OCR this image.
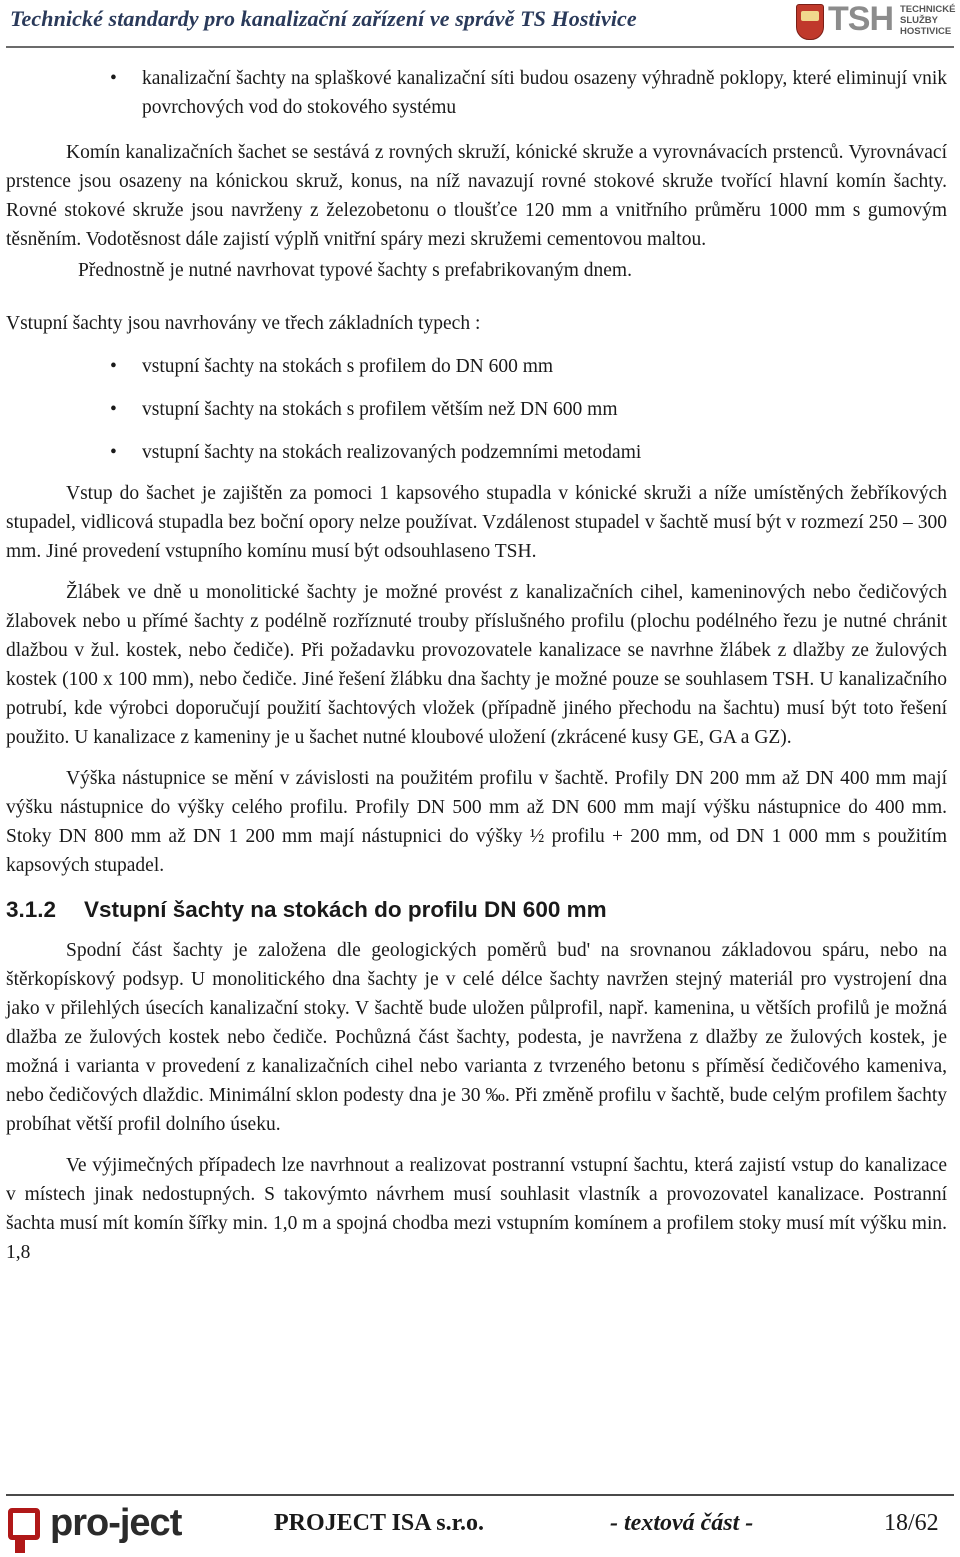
Technické standardy pro kanalizační zařízení ve správě TS Hostivice	TSH TECHNICKÉ
SLUŽBY
HOSTIVICE
• kanalizační šachty na splaškové kanalizační síti budou osazeny výhradně poklopy, které eliminují vnik povrchových vod do stokového systému

Komín kanalizačních šachet se sestává z rovných skruží, kónické skruže a vyrovnávacích prstenců. Vyrovnávací prstence jsou osazeny na kónickou skruž, konus, na níž navazují rovné stokové skruže tvořící hlavní komín šachty. Rovné stokové skruže jsou navrženy z železobetonu o tloušťce 120 mm a vnitřního průměru 1000 mm s gumovým těsněním. Vodotěsnost dále zajistí výplň vnitřní spáry mezi skružemi cementovou maltou.

Přednostně je nutné navrhovat typové šachty s prefabrikovaným dnem.

Vstupní šachty jsou navrhovány ve třech základních typech :

• vstupní šachty na stokách s profilem do DN 600 mm
• vstupní šachty na stokách s profilem větším než DN 600 mm
• vstupní šachty na stokách realizovaných podzemními metodami

Vstup do šachet je zajištěn za pomoci 1 kapsového stupadla v kónické skruži a níže umístěných žebříkových stupadel, vidlicová stupadla bez boční opory nelze používat. Vzdálenost stupadel v šachtě musí být v rozmezí 250 – 300 mm. Jiné provedení vstupního komínu musí být odsouhlaseno TSH.

Žlábek ve dně u monolitické šachty je možné provést z kanalizačních cihel, kameninových nebo čedičových žlabovek nebo u přímé šachty z podélně rozříznuté trouby příslušného profilu (plochu podélného řezu je nutné chránit dlažbou v žul. kostek, nebo čediče). Při požadavku provozovatele kanalizace se navrhne žlábek z dlažby ze žulových kostek (100 x 100 mm), nebo čediče. Jiné řešení žlábku dna šachty je možné pouze se souhlasem TSH. U kanalizačního potrubí, kde výrobci doporučují použití šachtových vložek (případně jiného přechodu na šachtu) musí být toto řešení použito. U kanalizace z kameniny je u šachet nutné kloubové uložení (zkrácené kusy GE, GA a GZ).

Výška nástupnice se mění v závislosti na použitém profilu v šachtě. Profily DN 200 mm až DN 400 mm mají výšku nástupnice do výšky celého profilu. Profily DN 500 mm až DN 600 mm mají výšku nástupnice do 400 mm. Stoky DN 800 mm až DN 1 200 mm mají nástupnici do výšky ½ profilu + 200 mm, od DN 1 000 mm s použitím kapsových stupadel.

3.1.2 Vstupní šachty na stokách do profilu DN 600 mm

Spodní část šachty je založena dle geologických poměrů bud' na srovnanou základovou spáru, nebo na štěrkopískový podsyp. U monolitického dna šachty je v celé délce šachty navržen stejný materiál pro vystrojení dna jako v přilehlých úsecích kanalizační stoky. V šachtě bude uložen půlprofil, např. kamenina, u větších profilů je možná dlažba ze žulových kostek nebo čediče. Pochůzná část šachty, podesta, je navržena z dlažby ze žulových kostek, je možná i varianta v provedení z kanalizačních cihel nebo varianta z tvrzeného betonu s příměsí čedičového kameniva, nebo čedičových dlaždic. Minimální sklon podesty dna je 30 ‰. Při změně profilu v šachtě, bude celým profilem šachty probíhat větší profil dolního úseku.

Ve výjimečných případech lze navrhnout a realizovat postranní vstupní šachtu, která zajistí vstup do kanalizace v místech jinak nedostupných. S takovýmto návrhem musí souhlasit vlastník a provozovatel kanalizace. Postranní šachta musí mít komín šířky min. 1,0 m a spojná chodba mezi vstupním komínem a profilem stoky musí mít výšku min. 1,8

pro-ject	PROJECT ISA s.r.o.	- textová část -	18/62
